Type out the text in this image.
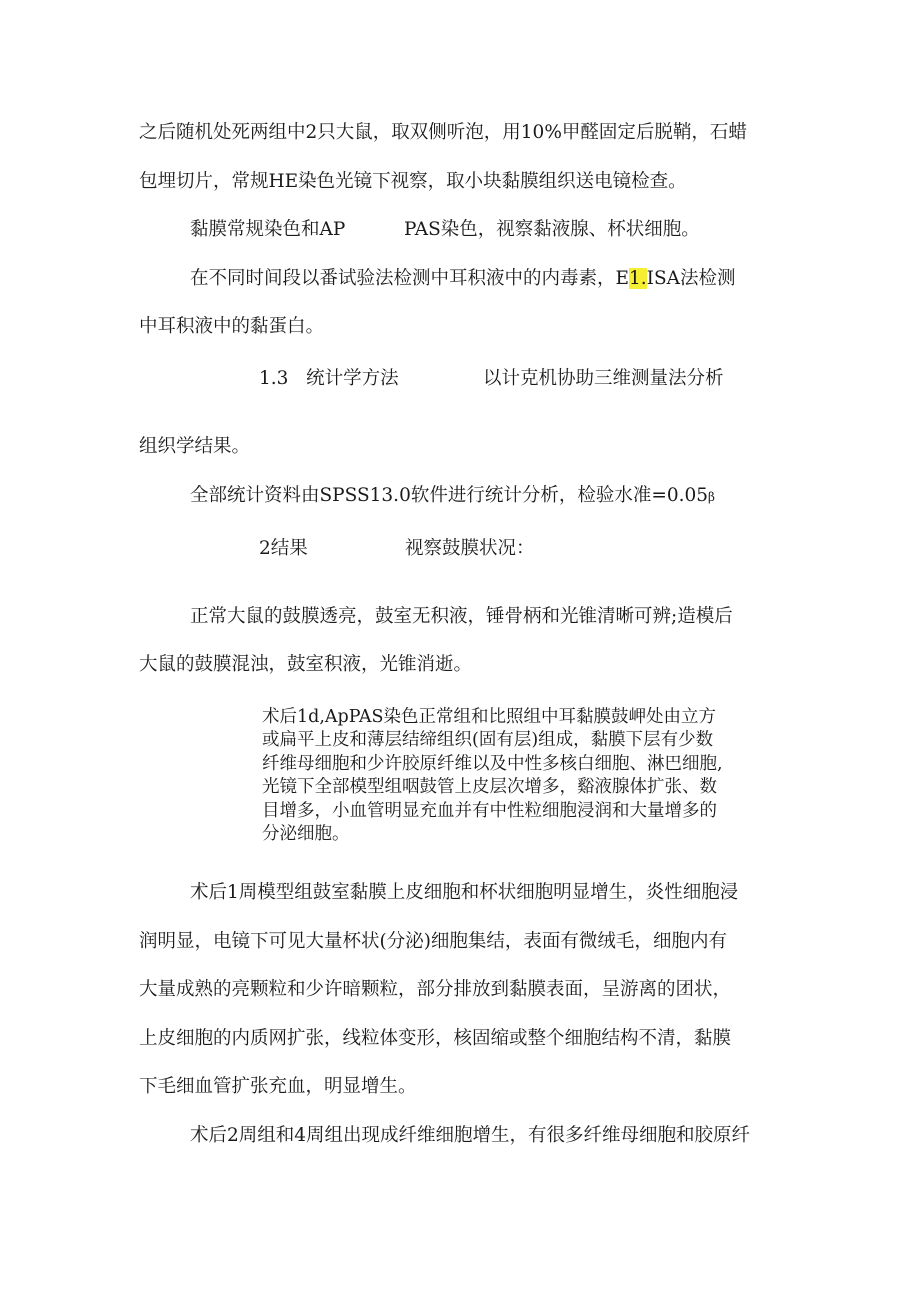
之后随机处死两组中2只大鼠，取双侧听泡，用10%甲醛固定后脱鞘，石蜡
包埋切片，常规HE染色光镜下视察，取小块黏膜组织送电镜检查。
黏膜常规染色和AP	PAS染色，视察黏液腺、杯状细胞。
在不同时间段以番试验法检测中耳积液中的内毒素，E1.ISA法检测
中耳积液中的黏蛋白。
1.3   统计学方法	以计克机协助三维测量法分析
组织学结果。
全部统计资料由SPSS13.0软件进行统计分析，检验水准=0.05β
2结果	视察鼓膜状况：
正常大鼠的鼓膜透亮，鼓室无积液，锤骨柄和光锥清晰可辨;造模后
大鼠的鼓膜混浊，鼓室积液，光锥消逝。
术后1d,ApPAS染色正常组和比照组中耳黏膜鼓岬处由立方
或扁平上皮和薄层结缔组织(固有层)组成，黏膜下层有少数
纤维母细胞和少许胶原纤维以及中性多核白细胞、淋巴细胞,
光镜下全部模型组咽鼓管上皮层次增多，谿液腺体扩张、数
目增多，小血管明显充血并有中性粒细胞浸润和大量增多的
分泌细胞。
术后1周模型组鼓室黏膜上皮细胞和杯状细胞明显增生，炎性细胞浸
润明显，电镜下可见大量杯状(分泌)细胞集结，表面有微绒毛，细胞内有
大量成熟的亮颗粒和少许暗颗粒，部分排放到黏膜表面，呈游离的团状，
上皮细胞的内质网扩张，线粒体变形，核固缩或整个细胞结构不清，黏膜
下毛细血管扩张充血，明显增生。
术后2周组和4周组出现成纤维细胞增生，有很多纤维母细胞和胶原纤
